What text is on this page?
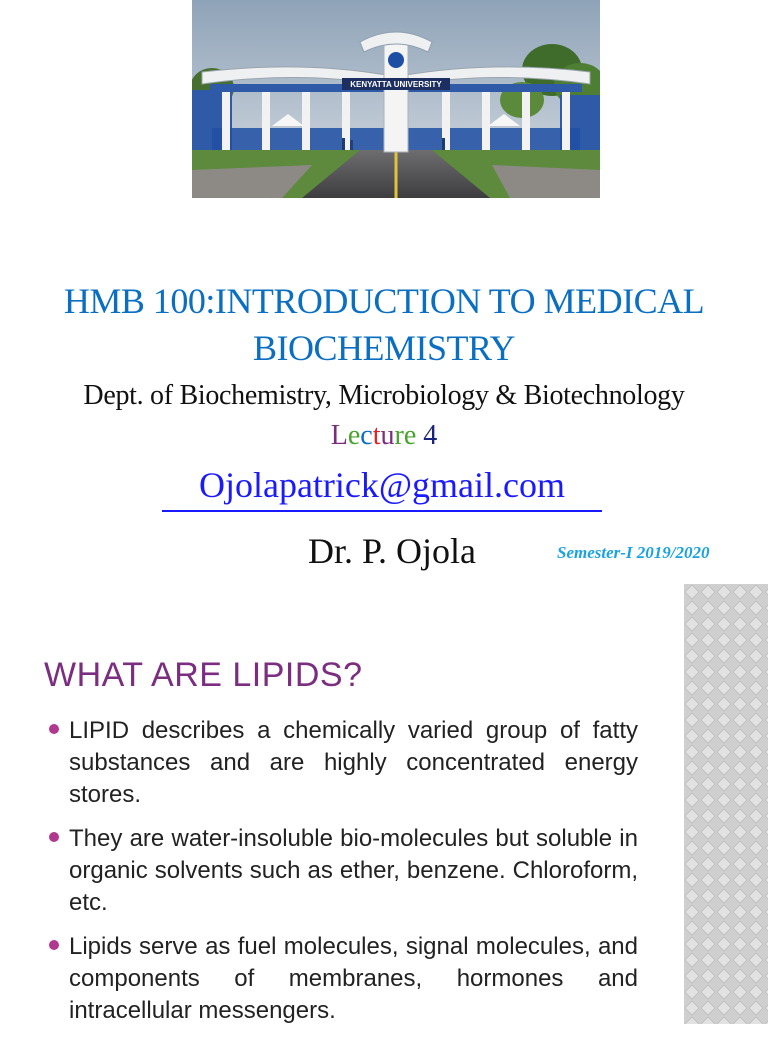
KENYATTA UNIVERSITY
HMB 100:INTRODUCTION TO MEDICAL
BIOCHEMISTRY
Dept. of Biochemistry, Microbiology & Biotechnology
Lecture 4
Ojolapatrick@gmail.com
Dr. P. Ojola	Semester-I 2019/2020
WHAT ARE LIPIDS?
LIPID describes a chemically varied group of fatty substances and are highly concentrated energy stores.
They are water-insoluble bio-molecules but soluble in organic solvents such as ether, benzene. Chloroform, etc.
Lipids serve as fuel molecules, signal molecules, and components of membranes, hormones and intracellular messengers.
